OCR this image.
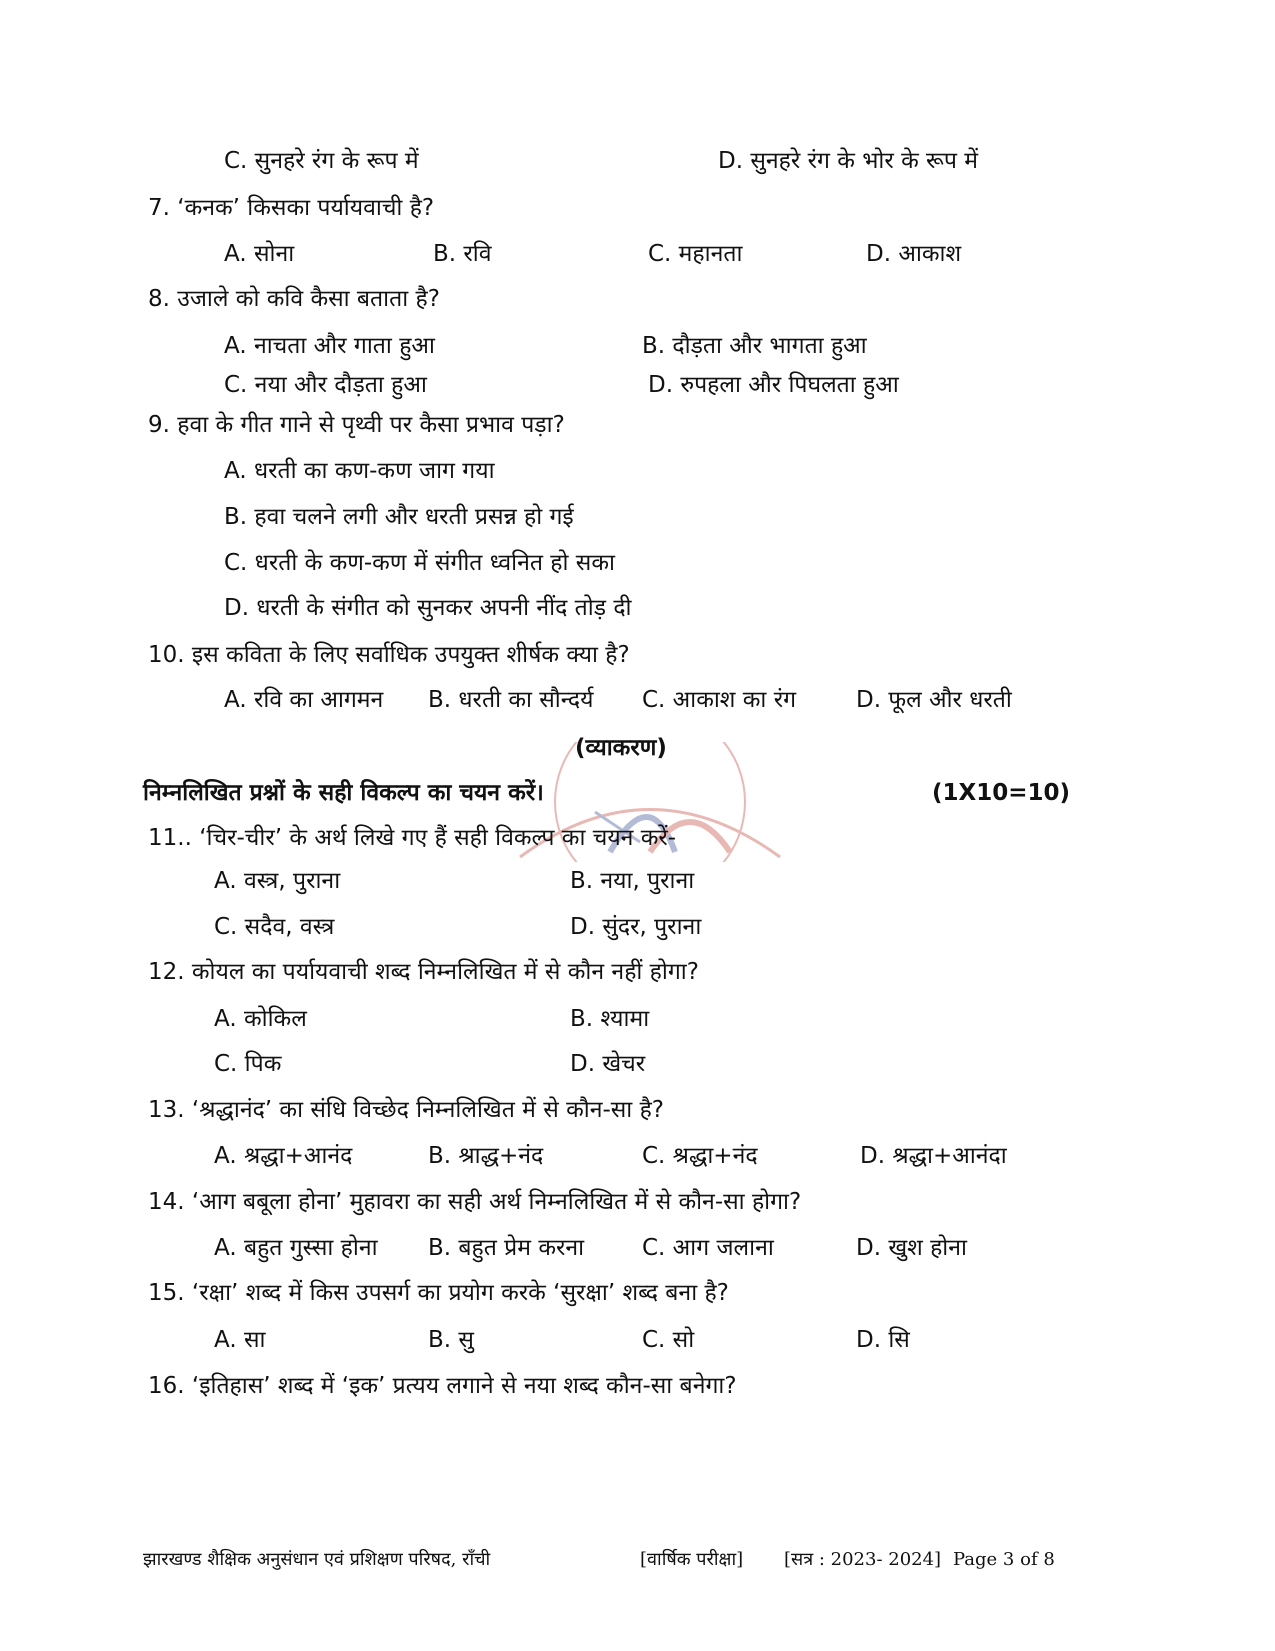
C. सुनहरे रंग के रूप में	D. सुनहरे रंग के भोर के रूप में
7. ‘कनक’ किसका पर्यायवाची है?
A. सोना	B. रवि	C. महानता	D. आकाश
8. उजाले को कवि कैसा बताता है?
A. नाचता और गाता हुआ	B. दौड़ता और भागता हुआ
C. नया और दौड़ता हुआ	D. रुपहला और पिघलता हुआ
9. हवा के गीत गाने से पृथ्वी पर कैसा प्रभाव पड़ा?
A. धरती का कण-कण जाग गया
B. हवा चलने लगी और धरती प्रसन्न हो गई
C. धरती के कण-कण में संगीत ध्वनित हो सका
D. धरती के संगीत को सुनकर अपनी नींद तोड़ दी
10. इस कविता के लिए सर्वाधिक उपयुक्त शीर्षक क्या है?
A. रवि का आगमन B. धरती का सौन्दर्य C. आकाश का रंग	D. फूल और धरती
(व्याकरण)
निम्नलिखित प्रश्नों के सही विकल्प का चयन करें।	(1X10=10)
11.. ‘चिर-चीर’ के अर्थ लिखे गए हैं सही विकल्प का चयन करें-
A. वस्त्र, पुराना	B. नया, पुराना
C. सदैव, वस्त्र	D. सुंदर, पुराना
12. कोयल का पर्यायवाची शब्द निम्नलिखित में से कौन नहीं होगा?
A. कोकिल	B. श्यामा
C. पिक	D. खेचर
13. ‘श्रद्धानंद’ का संधि विच्छेद निम्नलिखित में से कौन-सा है?
A. श्रद्धा+आनंद	B. श्राद्ध+नंद	C. श्रद्धा+नंद	D. श्रद्धा+आनंदा
14. ‘आग बबूला होना’ मुहावरा का सही अर्थ निम्नलिखित में से कौन-सा होगा?
A. बहुत गुस्सा होना B. बहुत प्रेम करना	C. आग जलाना	D. खुश होना
15. ‘रक्षा’ शब्द में किस उपसर्ग का प्रयोग करके ‘सुरक्षा’ शब्द बना है?
A. सा	B. सु	C. सो	D. सि
16. ‘इतिहास’ शब्द में ‘इक’ प्रत्यय लगाने से नया शब्द कौन-सा बनेगा?
झारखण्ड शैक्षिक अनुसंधान एवं प्रशिक्षण परिषद, राँची	[वार्षिक परीक्षा] [सत्र : 2023- 2024] Page 3 of 8
